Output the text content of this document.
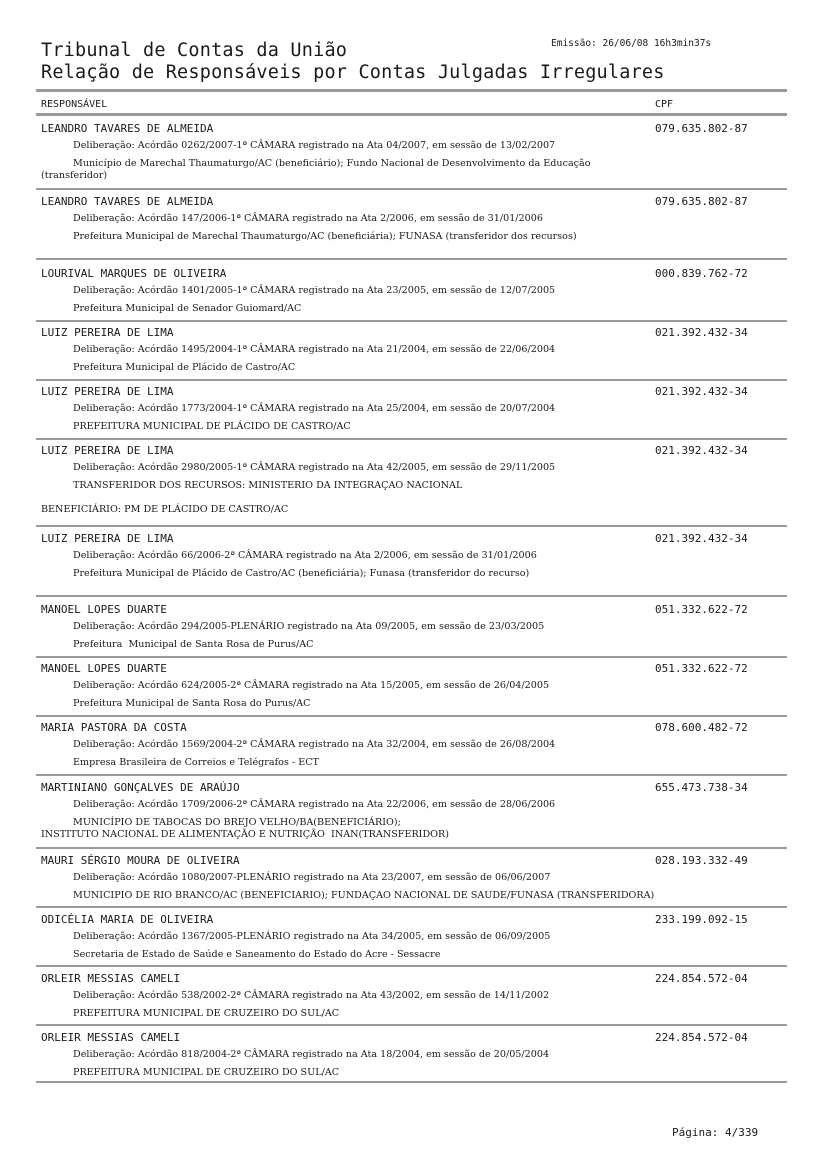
Emissão: 26/06/08 16h3min37s
Tribunal de Contas da União
Relação de Responsáveis por Contas Julgadas Irregulares
RESPONSÁVEL	CPF
LEANDRO TAVARES DE ALMEIDA	079.635.802-87
Deliberação: Acórdão 0262/2007-1ª CÂMARA registrado na Ata 04/2007, em sessão de 13/02/2007
Município de Marechal Thaumaturgo/AC (beneficiário); Fundo Nacional de Desenvolvimento da Educação
(transferidor)
LEANDRO TAVARES DE ALMEIDA	079.635.802-87
Deliberação: Acórdão 147/2006-1ª CÂMARA registrado na Ata 2/2006, em sessão de 31/01/2006
Prefeitura Municipal de Marechal Thaumaturgo/AC (beneficiária); FUNASA (transferidor dos recursos)
LOURIVAL MARQUES DE OLIVEIRA	000.839.762-72
Deliberação: Acórdão 1401/2005-1ª CÂMARA registrado na Ata 23/2005, em sessão de 12/07/2005
Prefeitura Municipal de Senador Guiomard/AC
LUIZ PEREIRA DE LIMA	021.392.432-34
Deliberação: Acórdão 1495/2004-1ª CÂMARA registrado na Ata 21/2004, em sessão de 22/06/2004
Prefeitura Municipal de Plácido de Castro/AC
LUIZ PEREIRA DE LIMA	021.392.432-34
Deliberação: Acórdão 1773/2004-1ª CÂMARA registrado na Ata 25/2004, em sessão de 20/07/2004
PREFEITURA MUNICIPAL DE PLÁCIDO DE CASTRO/AC
LUIZ PEREIRA DE LIMA	021.392.432-34
Deliberação: Acórdão 2980/2005-1ª CÂMARA registrado na Ata 42/2005, em sessão de 29/11/2005
TRANSFERIDOR DOS RECURSOS: MINISTERIO DA INTEGRAÇAO NACIONAL
BENEFICIÁRIO: PM DE PLÁCIDO DE CASTRO/AC
LUIZ PEREIRA DE LIMA	021.392.432-34
Deliberação: Acórdão 66/2006-2ª CÂMARA registrado na Ata 2/2006, em sessão de 31/01/2006
Prefeitura Municipal de Plácido de Castro/AC (beneficiária); Funasa (transferidor do recurso)
MANOEL LOPES DUARTE	051.332.622-72
Deliberação: Acórdão 294/2005-PLENÁRIO registrado na Ata 09/2005, em sessão de 23/03/2005
Prefeitura  Municipal de Santa Rosa de Purus/AC
MANOEL LOPES DUARTE	051.332.622-72
Deliberação: Acórdão 624/2005-2ª CÂMARA registrado na Ata 15/2005, em sessão de 26/04/2005
Prefeitura Municipal de Santa Rosa do Purus/AC
MARIA PASTORA DA COSTA	078.600.482-72
Deliberação: Acórdão 1569/2004-2ª CÂMARA registrado na Ata 32/2004, em sessão de 26/08/2004
Empresa Brasileira de Correios e Telégrafos - ECT
MARTINIANO GONÇALVES DE ARAÚJO	655.473.738-34
Deliberação: Acórdão 1709/2006-2ª CÂMARA registrado na Ata 22/2006, em sessão de 28/06/2006
MUNICÍPIO DE TABOCAS DO BREJO VELHO/BA(BENEFICIÁRIO);
INSTITUTO NACIONAL DE ALIMENTAÇÃO E NUTRIÇÃO  INAN(TRANSFERIDOR)
MAURI SÉRGIO MOURA DE OLIVEIRA	028.193.332-49
Deliberação: Acórdão 1080/2007-PLENÁRIO registrado na Ata 23/2007, em sessão de 06/06/2007
MUNICIPIO DE RIO BRANCO/AC (BENEFICIARIO); FUNDAÇAO NACIONAL DE SAUDE/FUNASA (TRANSFERIDORA)
ODICÉLIA MARIA DE OLIVEIRA	233.199.092-15
Deliberação: Acórdão 1367/2005-PLENÁRIO registrado na Ata 34/2005, em sessão de 06/09/2005
Secretaria de Estado de Saúde e Saneamento do Estado do Acre - Sessacre
ORLEIR MESSIAS CAMELI	224.854.572-04
Deliberação: Acórdão 538/2002-2ª CÂMARA registrado na Ata 43/2002, em sessão de 14/11/2002
PREFEITURA MUNICIPAL DE CRUZEIRO DO SUL/AC
ORLEIR MESSIAS CAMELI	224.854.572-04
Deliberação: Acórdão 818/2004-2ª CÂMARA registrado na Ata 18/2004, em sessão de 20/05/2004
PREFEITURA MUNICIPAL DE CRUZEIRO DO SUL/AC
Página: 4/339
